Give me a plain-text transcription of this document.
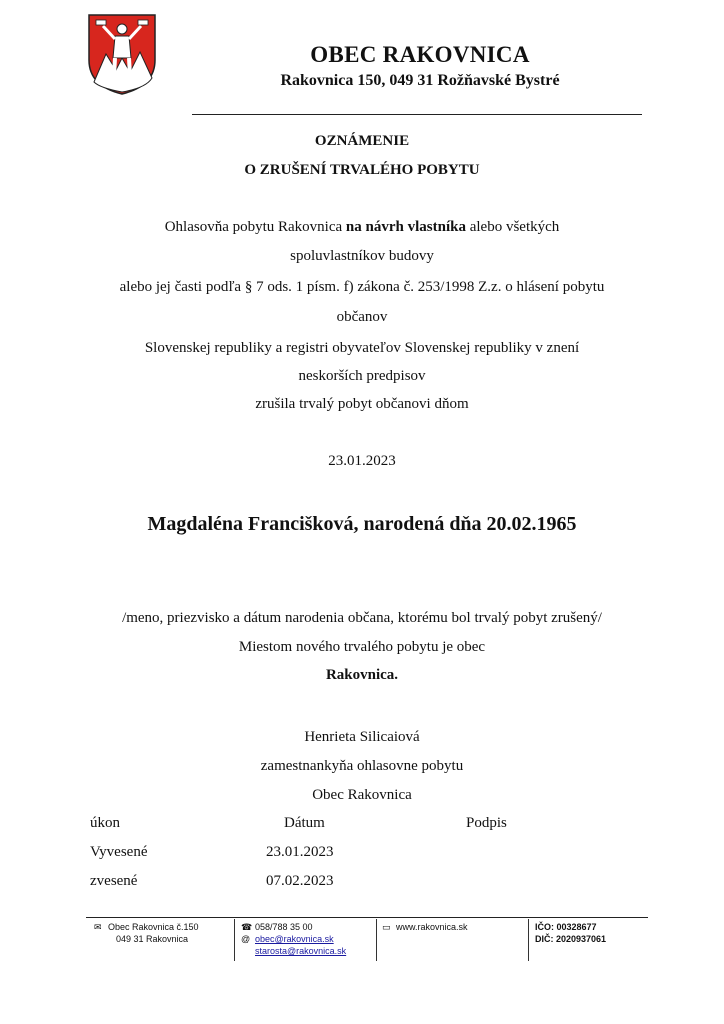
OBEC RAKOVNICA
Rakovnica 150, 049 31 Rožňavské Bystré
OZNÁMENIE
O ZRUŠENÍ TRVALÉHO POBYTU
Ohlasovňa pobytu Rakovnica na návrh vlastníka alebo všetkých
spoluvlastníkov budovy
alebo jej časti podľa § 7 ods. 1 písm. f) zákona č. 253/1998 Z.z. o hlásení pobytu
občanov
Slovenskej republiky a registri obyvateľov Slovenskej republiky v znení
neskorších predpisov
zrušila trvalý pobyt občanovi dňom
23.01.2023
Magdaléna Francišková, narodená dňa 20.02.1965
/meno, priezvisko a dátum narodenia občana, ktorému bol trvalý pobyt zrušený/
Miestom nového trvalého pobytu je obec
Rakovnica.
Henrieta Silicaiová
zamestnankyňa ohlasovne pobytu
Obec Rakovnica
úkon	Dátum	Podpis
Vyvesené	23.01.2023
zvesené	07.02.2023
✉ Obec Rakovnica č.150
049 31 Rakovnica
☎ 058/788 35 00
@ obec@rakovnica.sk
starosta@rakovnica.sk
▭ www.rakovnica.sk	IČO: 00328677
DIČ: 2020937061
